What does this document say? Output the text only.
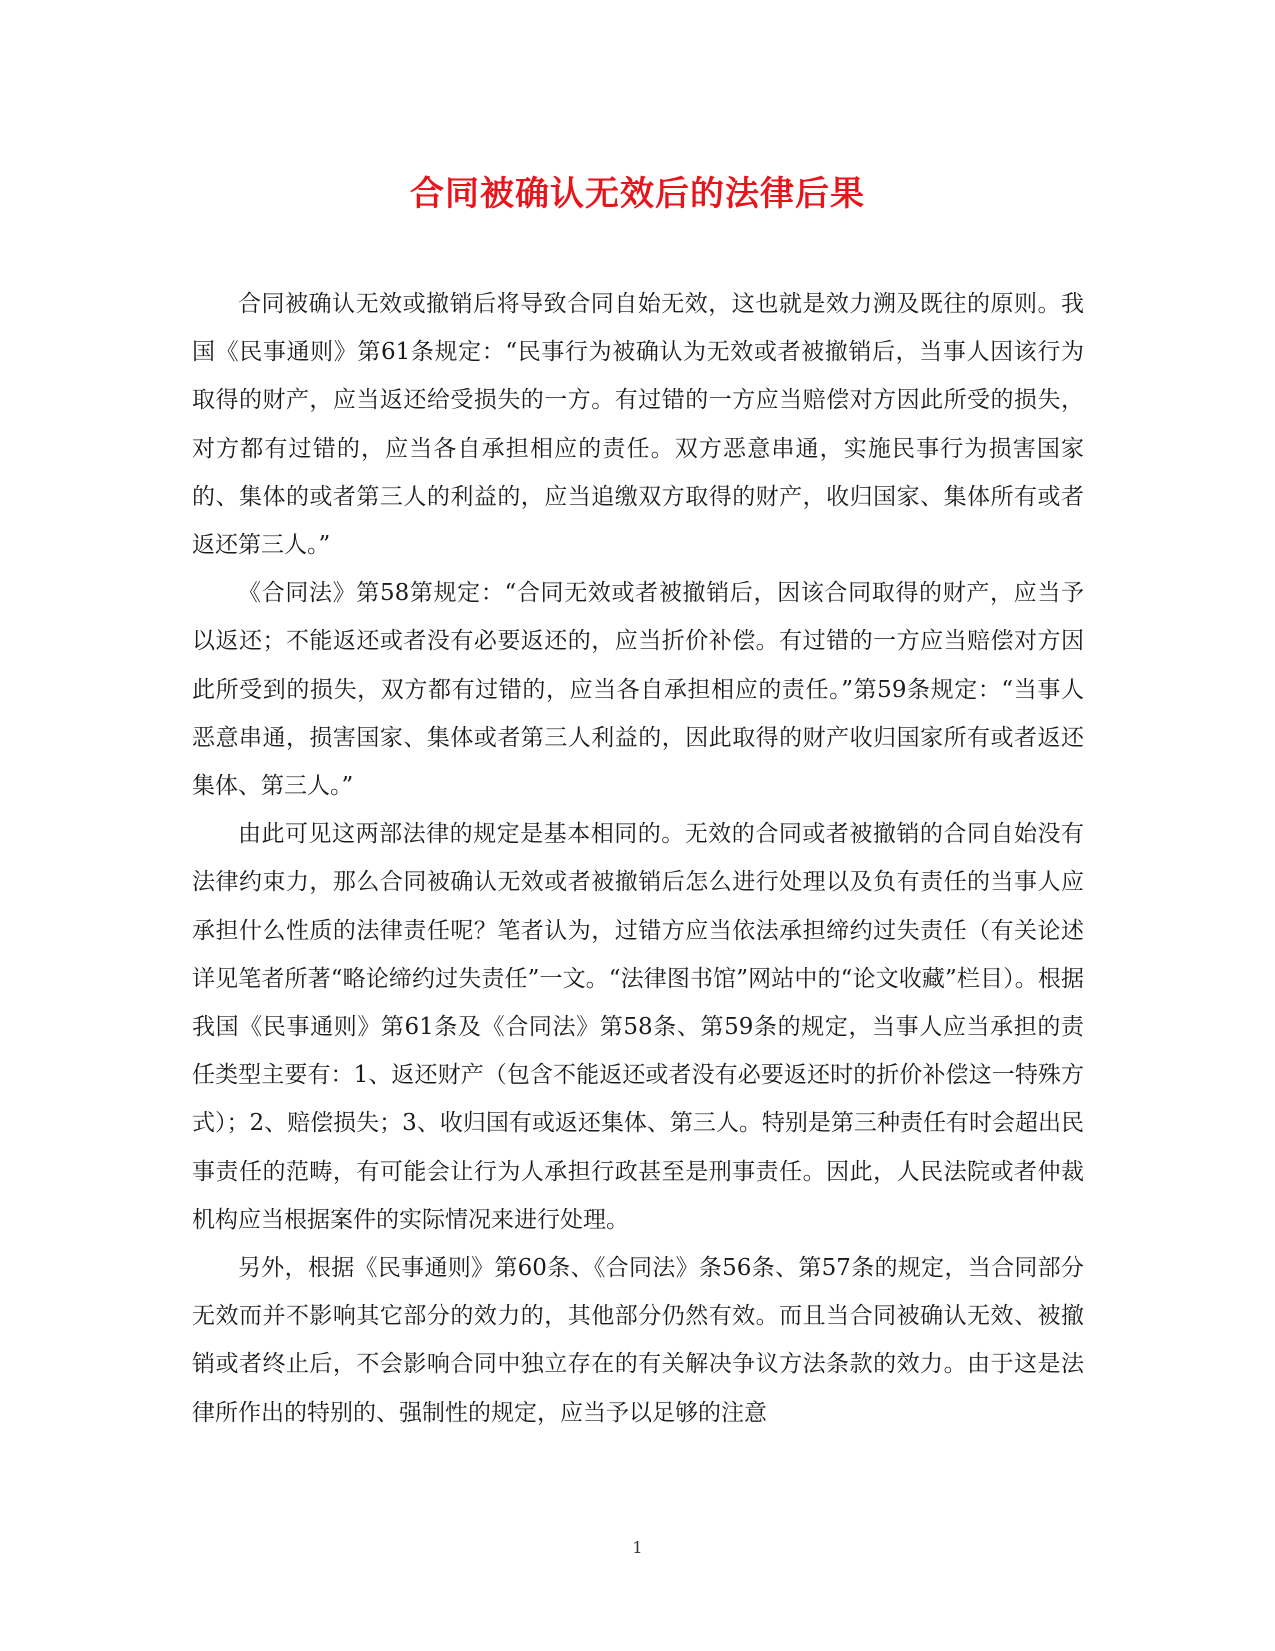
合同被确认无效后的法律后果

合同被确认无效或撤销后将导致合同自始无效，这也就是效力溯及既往的原则。我国《民事通则》第61条规定：“民事行为被确认为无效或者被撤销后，当事人因该行为取得的财产，应当返还给受损失的一方。有过错的一方应当赔偿对方因此所受的损失，对方都有过错的，应当各自承担相应的责任。双方恶意串通，实施民事行为损害国家的、集体的或者第三人的利益的，应当追缴双方取得的财产，收归国家、集体所有或者返还第三人。”

《合同法》第58第规定：“合同无效或者被撤销后，因该合同取得的财产，应当予以返还；不能返还或者没有必要返还的，应当折价补偿。有过错的一方应当赔偿对方因此所受到的损失，双方都有过错的，应当各自承担相应的责任。”第59条规定：“当事人恶意串通，损害国家、集体或者第三人利益的，因此取得的财产收归国家所有或者返还集体、第三人。”

由此可见这两部法律的规定是基本相同的。无效的合同或者被撤销的合同自始没有法律约束力，那么合同被确认无效或者被撤销后怎么进行处理以及负有责任的当事人应承担什么性质的法律责任呢？笔者认为，过错方应当依法承担缔约过失责任（有关论述详见笔者所著“略论缔约过失责任”一文。“法律图书馆”网站中的“论文收藏”栏目）。根据我国《民事通则》第61条及《合同法》第58条、第59条的规定，当事人应当承担的责任类型主要有：1、返还财产（包含不能返还或者没有必要返还时的折价补偿这一特殊方式）；2、赔偿损失；3、收归国有或返还集体、第三人。特别是第三种责任有时会超出民事责任的范畴，有可能会让行为人承担行政甚至是刑事责任。因此，人民法院或者仲裁机构应当根据案件的实际情况来进行处理。

另外，根据《民事通则》第60条、《合同法》条56条、第57条的规定，当合同部分无效而并不影响其它部分的效力的，其他部分仍然有效。而且当合同被确认无效、被撤销或者终止后，不会影响合同中独立存在的有关解决争议方法条款的效力。由于这是法律所作出的特别的、强制性的规定，应当予以足够的注意

1
